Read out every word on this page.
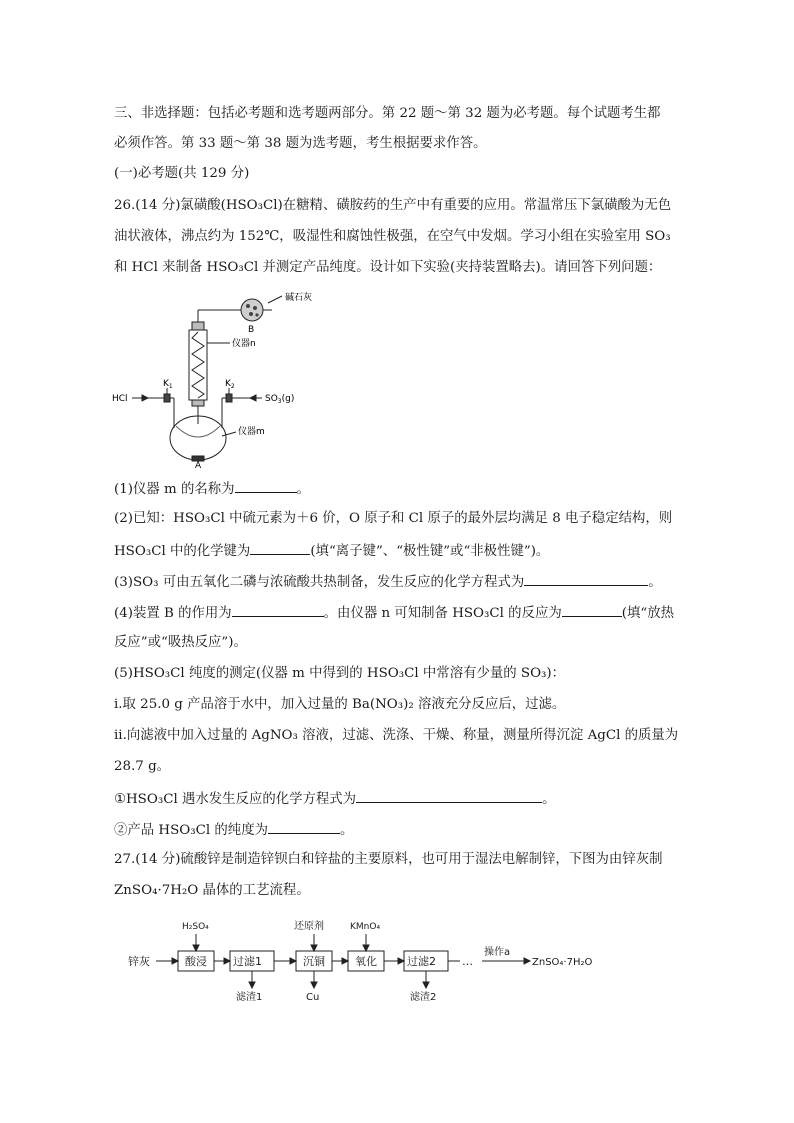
三、非选择题：包括必考题和选考题两部分。第 22 题～第 32 题为必考题。每个试题考生都
必须作答。第 33 题～第 38 题为选考题，考生根据要求作答。
(一)必考题(共 129 分)
26.(14 分)氯磺酸(HSO₃Cl)在糖精、磺胺药的生产中有重要的应用。常温常压下氯磺酸为无色
油状液体，沸点约为 152℃，吸湿性和腐蚀性极强，在空气中发烟。学习小组在实验室用 SO₃
和 HCl 来制备 HSO₃Cl 并测定产品纯度。设计如下实验(夹持装置略去)。请回答下列问题：
碱石灰
B
仪器n
$K_1$	$K_2$
HCl	$SO_3(g)$
仪器m
A
(1)仪器 m 的名称为	。
(2)已知：HSO₃Cl 中硫元素为＋6 价，O 原子和 Cl 原子的最外层均满足 8 电子稳定结构，则
HSO₃Cl 中的化学键为	(填“离子键”、“极性键”或“非极性键”)。
(3)SO₃ 可由五氧化二磷与浓硫酸共热制备，发生反应的化学方程式为	。
(4)装置 B 的作用为	。由仪器 n 可知制备 HSO₃Cl 的反应为	(填“放热
反应”或“吸热反应”)。
(5)HSO₃Cl 纯度的测定(仪器 m 中得到的 HSO₃Cl 中常溶有少量的 SO₃)：
i.取 25.0 g 产品溶于水中，加入过量的 Ba(NO₃)₂ 溶液充分反应后，过滤。
ii.向滤液中加入过量的 AgNO₃ 溶液，过滤、洗涤、干燥、称量，测量所得沉淀 AgCl 的质量为
28.7 g。
①HSO₃Cl 遇水发生反应的化学方程式为	。
②产品 HSO₃Cl 的纯度为	。
27.(14 分)硫酸锌是制造锌钡白和锌盐的主要原料，也可用于湿法电解制锌，下图为由锌灰制
ZnSO₄·7H₂O 晶体的工艺流程。
锌灰
H₂SO₄	还原剂	KMnO₄
酸浸 过滤1	沉铜	氧化	过滤2
滤渣1	Cu	滤渣2
…
操作a
ZnSO₄·7H₂O
